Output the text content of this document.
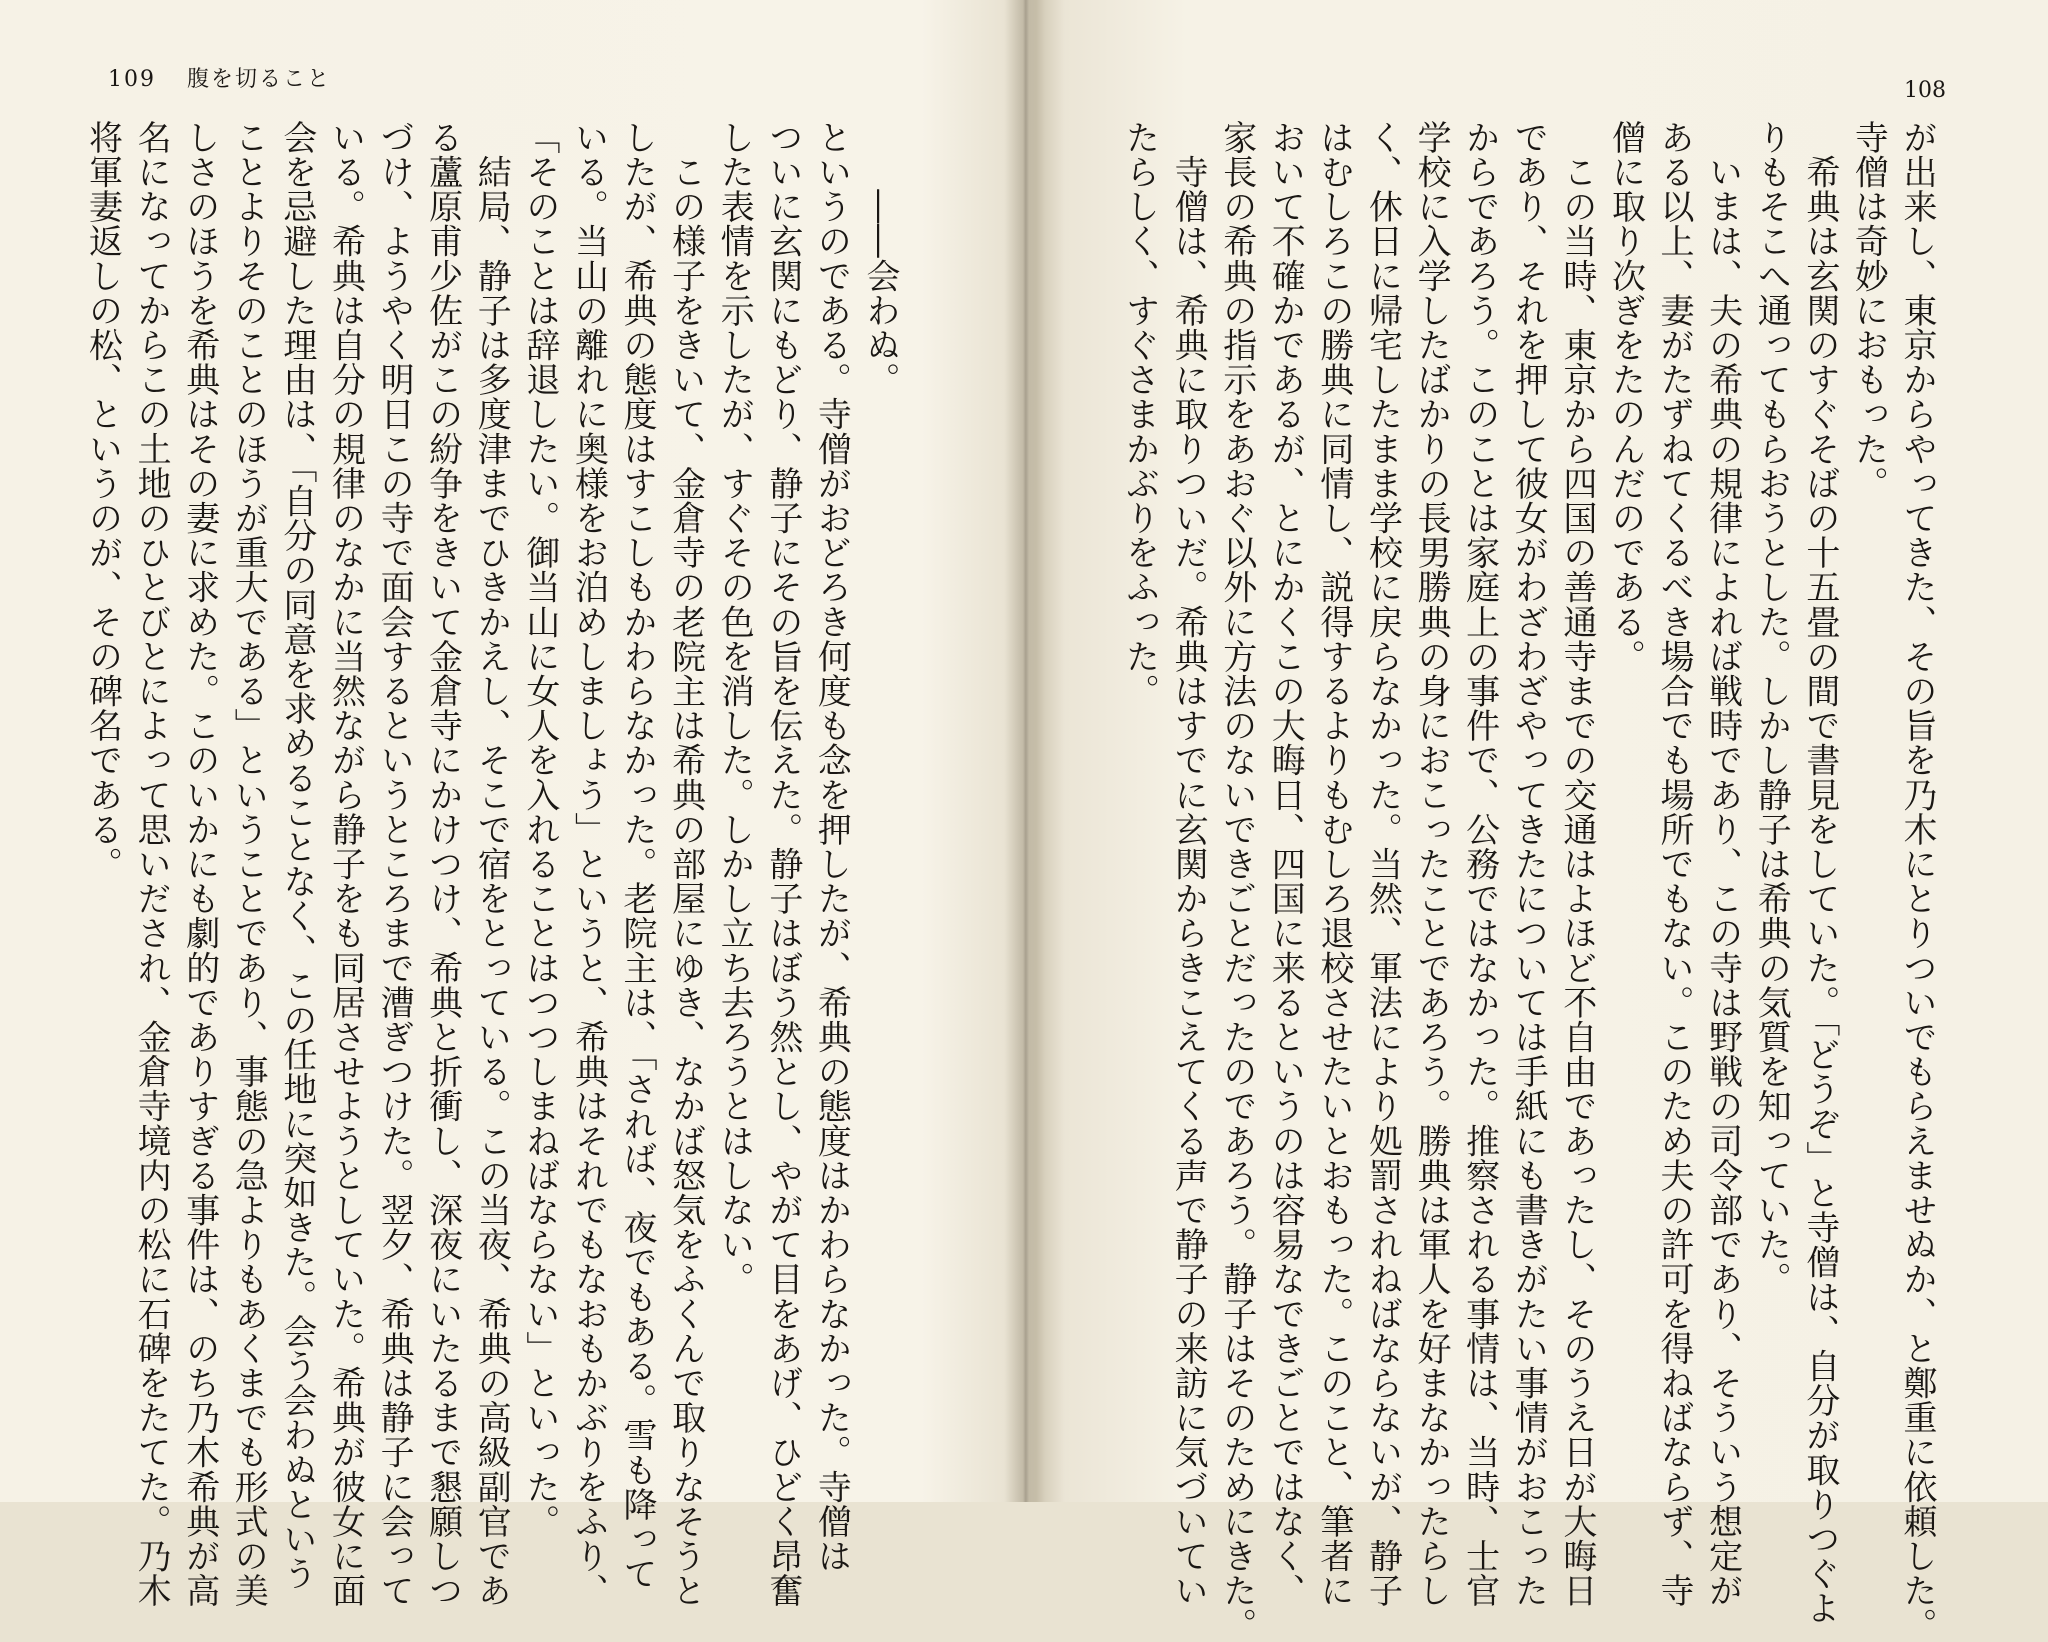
109 腹を切ること

　　――会わぬ。

というのである。寺僧がおどろき何度も念を押したが、希典の態度はかわらなかった。寺僧は

ついに玄関にもどり、静子にその旨を伝えた。静子はぼう然とし、やがて目をあげ、ひどく昂奮

した表情を示したが、すぐその色を消した。しかし立ち去ろうとはしない。

　この様子をきいて、金倉寺の老院主は希典の部屋にゆき、なかば怒気をふくんで取りなそうと

したが、希典の態度はすこしもかわらなかった。老院主は、「されば、夜でもある。雪も降って

いる。当山の離れに奥様をお泊めしましょう」というと、希典はそれでもなおもかぶりをふり、

「そのことは辞退したい。御当山に女人を入れることはつつしまねばならない」といった。

　結局、静子は多度津までひきかえし、そこで宿をとっている。この当夜、希典の高級副官であ

る蘆原甫少佐がこの紛争をきいて金倉寺にかけつけ、希典と折衝し、深夜にいたるまで懇願しつ

づけ、ようやく明日この寺で面会するというところまで漕ぎつけた。翌夕、希典は静子に会って

いる。希典は自分の規律のなかに当然ながら静子をも同居させようとしていた。希典が彼女に面

会を忌避した理由は、「自分の同意を求めることなく、この任地に突如きた。会う会わぬという

ことよりそのことのほうが重大である」ということであり、事態の急よりもあくまでも形式の美

しさのほうを希典はその妻に求めた。このいかにも劇的でありすぎる事件は、のち乃木希典が高

名になってからこの土地のひとびとによって思いだされ、金倉寺境内の松に石碑をたてた。乃木

将軍妻返しの松、というのが、その碑名である。

108

が出来し、東京からやってきた、その旨を乃木にとりついでもらえませぬか、と鄭重に依頼した。

寺僧は奇妙におもった。

　希典は玄関のすぐそばの十五畳の間で書見をしていた。「どうぞ」と寺僧は、自分が取りつぐよ

りもそこへ通ってもらおうとした。しかし静子は希典の気質を知っていた。

　いまは、夫の希典の規律によれば戦時であり、この寺は野戦の司令部であり、そういう想定が

ある以上、妻がたずねてくるべき場合でも場所でもない。このため夫の許可を得ねばならず、寺

僧に取り次ぎをたのんだのである。

　この当時、東京から四国の善通寺までの交通はよほど不自由であったし、そのうえ日が大晦日

であり、それを押して彼女がわざわざやってきたについては手紙にも書きがたい事情がおこった

からであろう。このことは家庭上の事件で、公務ではなかった。推察される事情は、当時、士官

学校に入学したばかりの長男勝典の身におこったことであろう。勝典は軍人を好まなかったらし

く、休日に帰宅したまま学校に戻らなかった。当然、軍法により処罰されねばならないが、静子

はむしろこの勝典に同情し、説得するよりもむしろ退校させたいとおもった。このこと、筆者に

おいて不確かであるが、とにかくこの大晦日、四国に来るというのは容易なできごとではなく、

家長の希典の指示をあおぐ以外に方法のないできごとだったのであろう。静子はそのためにきた。

　寺僧は、希典に取りついだ。希典はすでに玄関からきこえてくる声で静子の来訪に気づいてい

たらしく、すぐさまかぶりをふった。
